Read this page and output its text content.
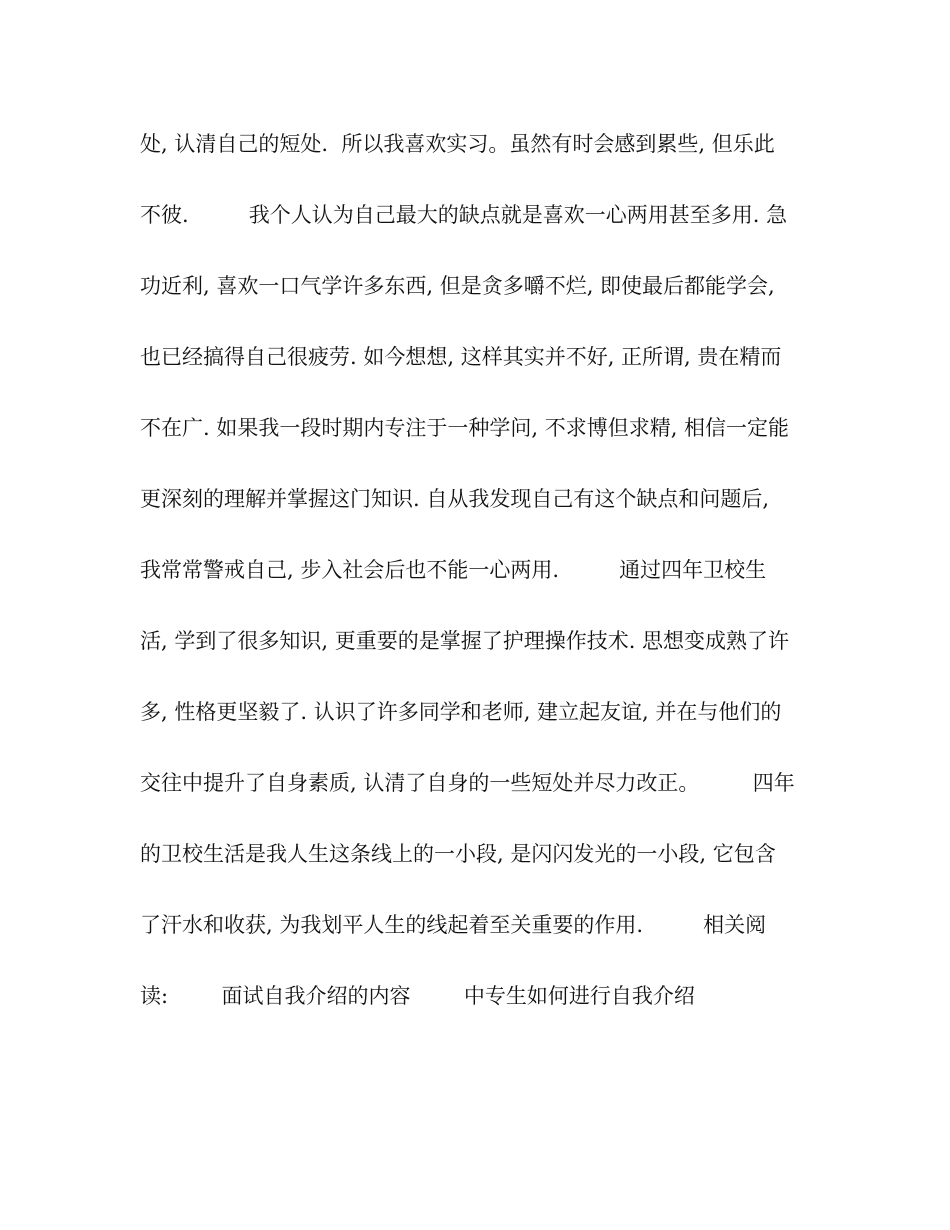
处, 认清自己的短处.  所以我喜欢实习。虽然有时会感到累些, 但乐此
不彼.         我个人认为自己最大的缺点就是喜欢一心两用甚至多用. 急
功近利, 喜欢一口气学许多东西, 但是贪多嚼不烂, 即使最后都能学会,
也已经搞得自己很疲劳. 如今想想, 这样其实并不好, 正所谓, 贵在精而
不在广. 如果我一段时期内专注于一种学问, 不求博但求精, 相信一定能
更深刻的理解并掌握这门知识. 自从我发现自己有这个缺点和问题后,
我常常警戒自己, 步入社会后也不能一心两用.         通过四年卫校生
活, 学到了很多知识, 更重要的是掌握了护理操作技术. 思想变成熟了许
多, 性格更坚毅了. 认识了许多同学和老师, 建立起友谊, 并在与他们的
交往中提升了自身素质, 认清了自身的一些短处并尽力改正。        四年
的卫校生活是我人生这条线上的一小段, 是闪闪发光的一小段, 它包含
了汗水和收获, 为我划平人生的线起着至关重要的作用.         相关阅
读:        面试自我介绍的内容        中专生如何进行自我介绍
